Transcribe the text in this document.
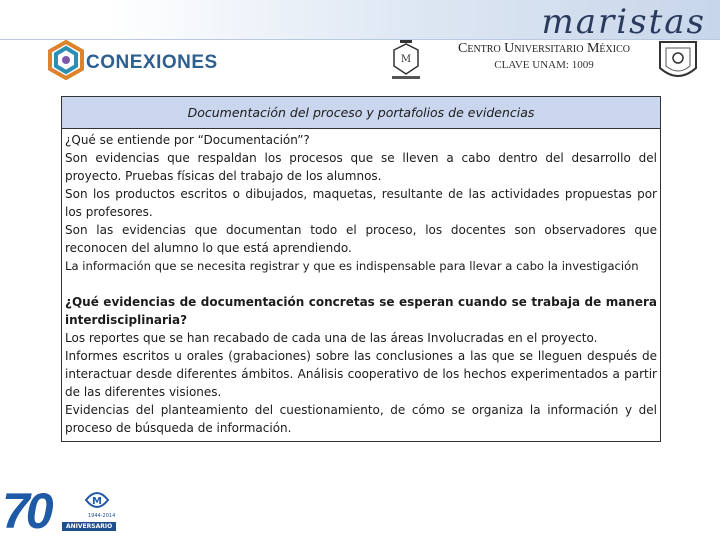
maristas
CONEXIONES	M
Centro Universitario México
CLAVE UNAM: 1009
Documentación del proceso y portafolios de evidencias

¿Qué se entiende por “Documentación”?

Son evidencias que respaldan los procesos que se lleven a cabo dentro del desarrollo del proyecto. Pruebas físicas del trabajo de los alumnos.

Son los productos escritos o dibujados, maquetas, resultante de las actividades propuestas por los profesores.

Son las evidencias que documentan todo el proceso, los docentes son observadores que reconocen del alumno lo que está aprendiendo.

La información que se necesita registrar y que es indispensable para llevar a cabo la investigación

¿Qué evidencias de documentación concretas se esperan cuando se trabaja de manera interdisciplinaria?

Los reportes que se han recabado de cada una de las áreas Involucradas en el proyecto.

Informes escritos u orales (grabaciones) sobre las conclusiones a las que se lleguen después de interactuar desde diferentes ámbitos. Análisis cooperativo de los hechos experimentados a partir de las diferentes visiones.

Evidencias del planteamiento del cuestionamiento, de cómo se organiza la información y del proceso de búsqueda de información.

70	M
1944-2014
ANIVERSARIO
